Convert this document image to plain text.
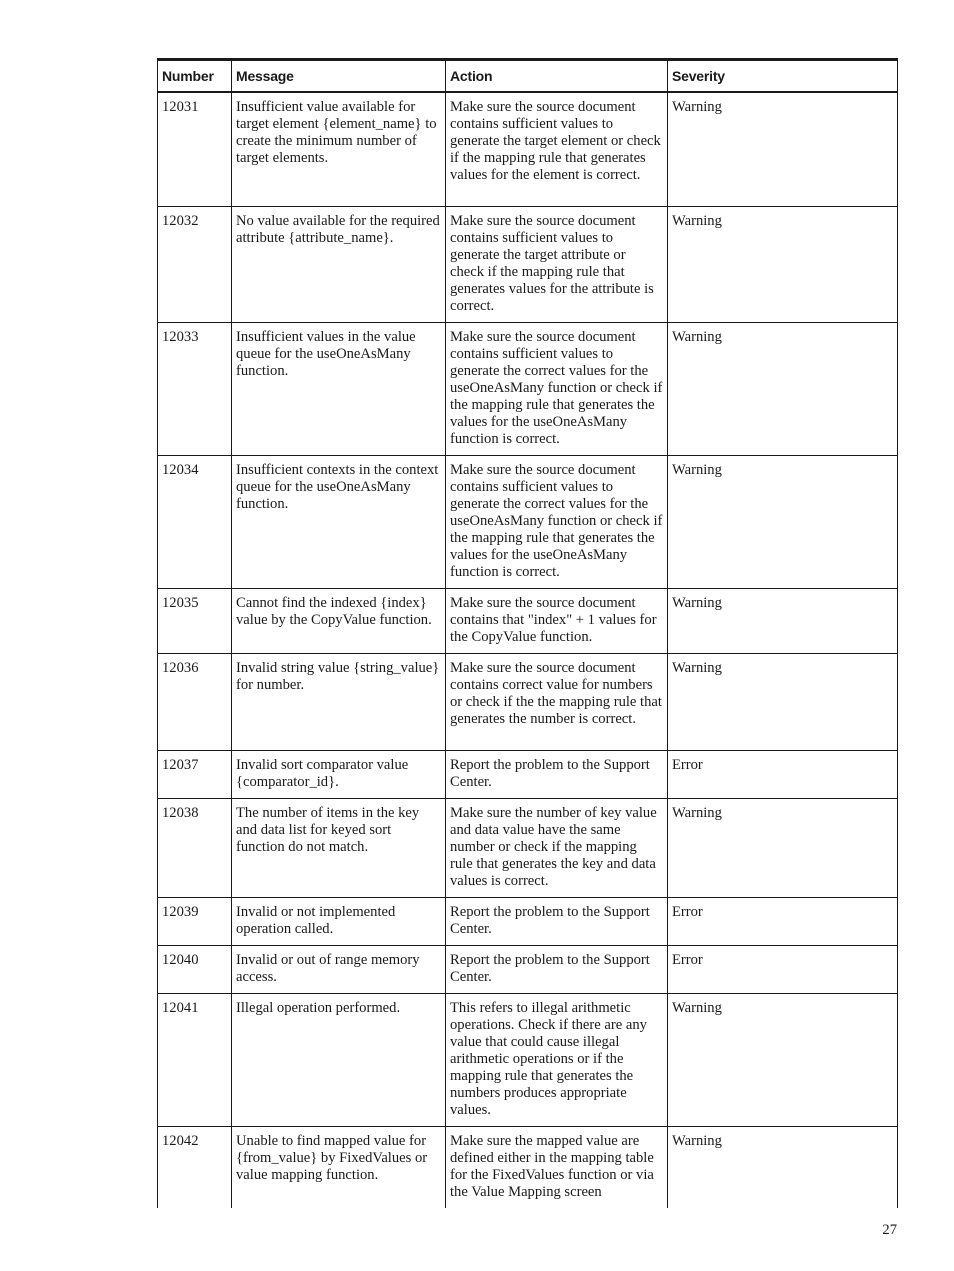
Number	Message	Action	Severity
12031	Insufficient value available for target element {element_name} to create the minimum number of target elements.	Make sure the source document contains sufficient values to generate the target element or check if the mapping rule that generates values for the element is correct.	Warning
12032	No value available for the required attribute {attribute_name}.	Make sure the source document contains sufficient values to generate the target attribute or check if the mapping rule that generates values for the attribute is correct.	Warning
12033	Insufficient values in the value queue for the useOneAsMany function.	Make sure the source document contains sufficient values to generate the correct values for the useOneAsMany function or check if the mapping rule that generates the values for the useOneAsMany function is correct.	Warning
12034	Insufficient contexts in the context queue for the useOneAsMany function.	Make sure the source document contains sufficient values to generate the correct values for the useOneAsMany function or check if the mapping rule that generates the values for the useOneAsMany function is correct.	Warning
12035	Cannot find the indexed {index} value by the CopyValue function.	Make sure the source document contains that "index" + 1 values for the CopyValue function.	Warning
12036	Invalid string value {string_value} for number.	Make sure the source document contains correct value for numbers or check if the the mapping rule that generates the number is correct.	Warning
12037	Invalid sort comparator value {comparator_id}.	Report the problem to the Support Center.	Error
12038	The number of items in the key and data list for keyed sort function do not match.	Make sure the number of key value and data value have the same number or check if the mapping rule that generates the key and data values is correct.	Warning
12039	Invalid or not implemented operation called.	Report the problem to the Support Center.	Error
12040	Invalid or out of range memory access.	Report the problem to the Support Center.	Error
12041	Illegal operation performed.	This refers to illegal arithmetic operations. Check if there are any value that could cause illegal arithmetic operations or if the mapping rule that generates the numbers produces appropriate values.	Warning
12042	Unable to find mapped value for {from_value} by FixedValues or value mapping function.	Make sure the mapped value are defined either in the mapping table for the FixedValues function or via the Value Mapping screen	Warning
27
